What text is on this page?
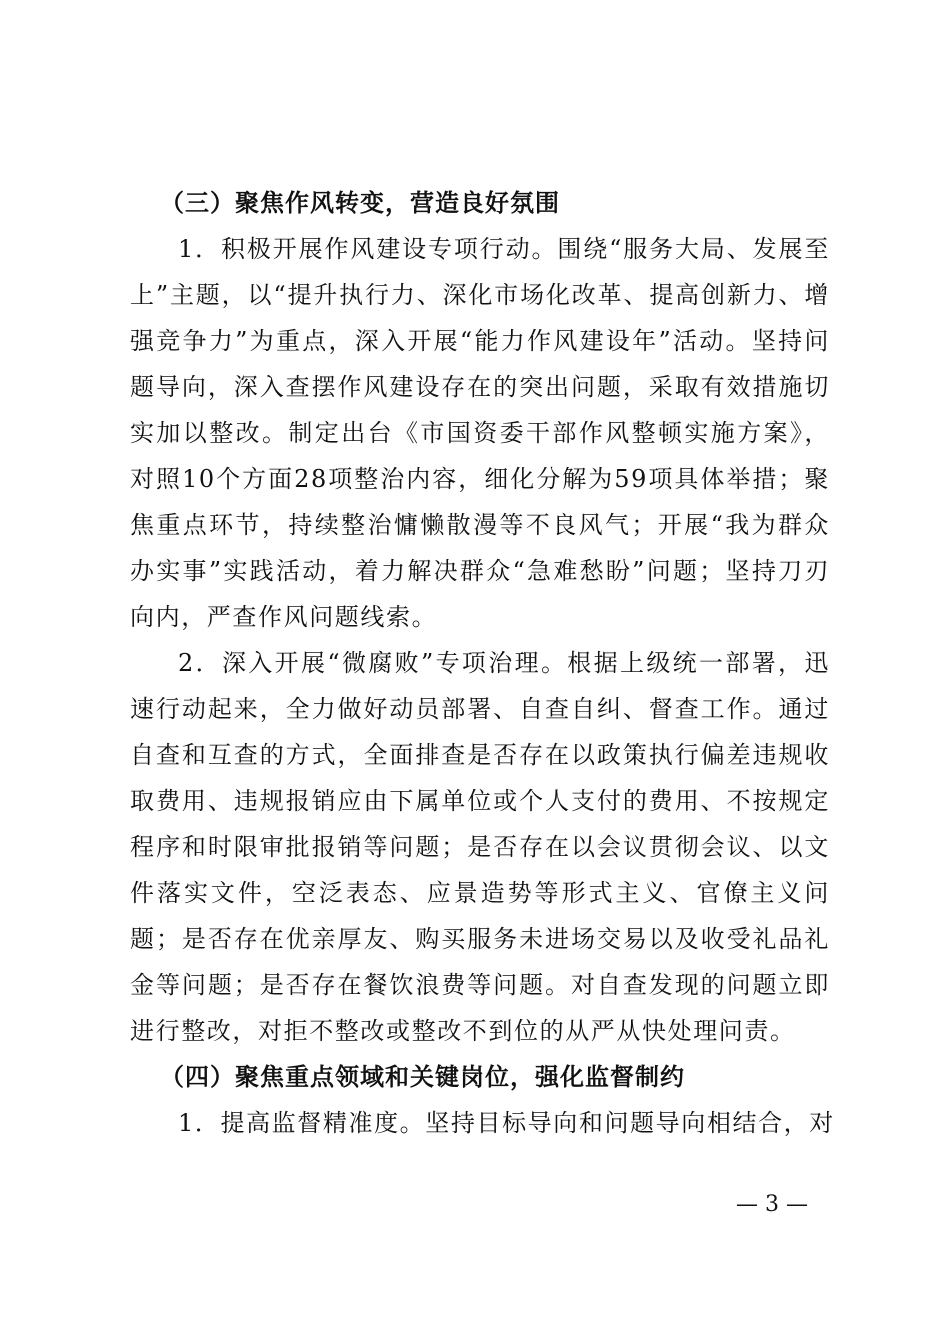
（三）聚焦作风转变，营造良好氛围

1．积极开展作风建设专项行动。围绕“服务大局、发展至上”主题，以“提升执行力、深化市场化改革、提高创新力、增强竞争力”为重点，深入开展“能力作风建设年”活动。坚持问题导向，深入查摆作风建设存在的突出问题，采取有效措施切实加以整改。制定出台《市国资委干部作风整顿实施方案》，对照10个方面28项整治内容，细化分解为59项具体举措；聚焦重点环节，持续整治慵懒散漫等不良风气；开展“我为群众办实事”实践活动，着力解决群众“急难愁盼”问题；坚持刀刃向内，严查作风问题线索。

2．深入开展“微腐败”专项治理。根据上级统一部署，迅速行动起来，全力做好动员部署、自查自纠、督查工作。通过自查和互查的方式，全面排查是否存在以政策执行偏差违规收取费用、违规报销应由下属单位或个人支付的费用、不按规定程序和时限审批报销等问题；是否存在以会议贯彻会议、以文件落实文件，空泛表态、应景造势等形式主义、官僚主义问题；是否存在优亲厚友、购买服务未进场交易以及收受礼品礼金等问题；是否存在餐饮浪费等问题。对自查发现的问题立即进行整改，对拒不整改或整改不到位的从严从快处理问责。

（四）聚焦重点领域和关键岗位，强化监督制约

1．提高监督精准度。坚持目标导向和问题导向相结合，对

— 3 —
